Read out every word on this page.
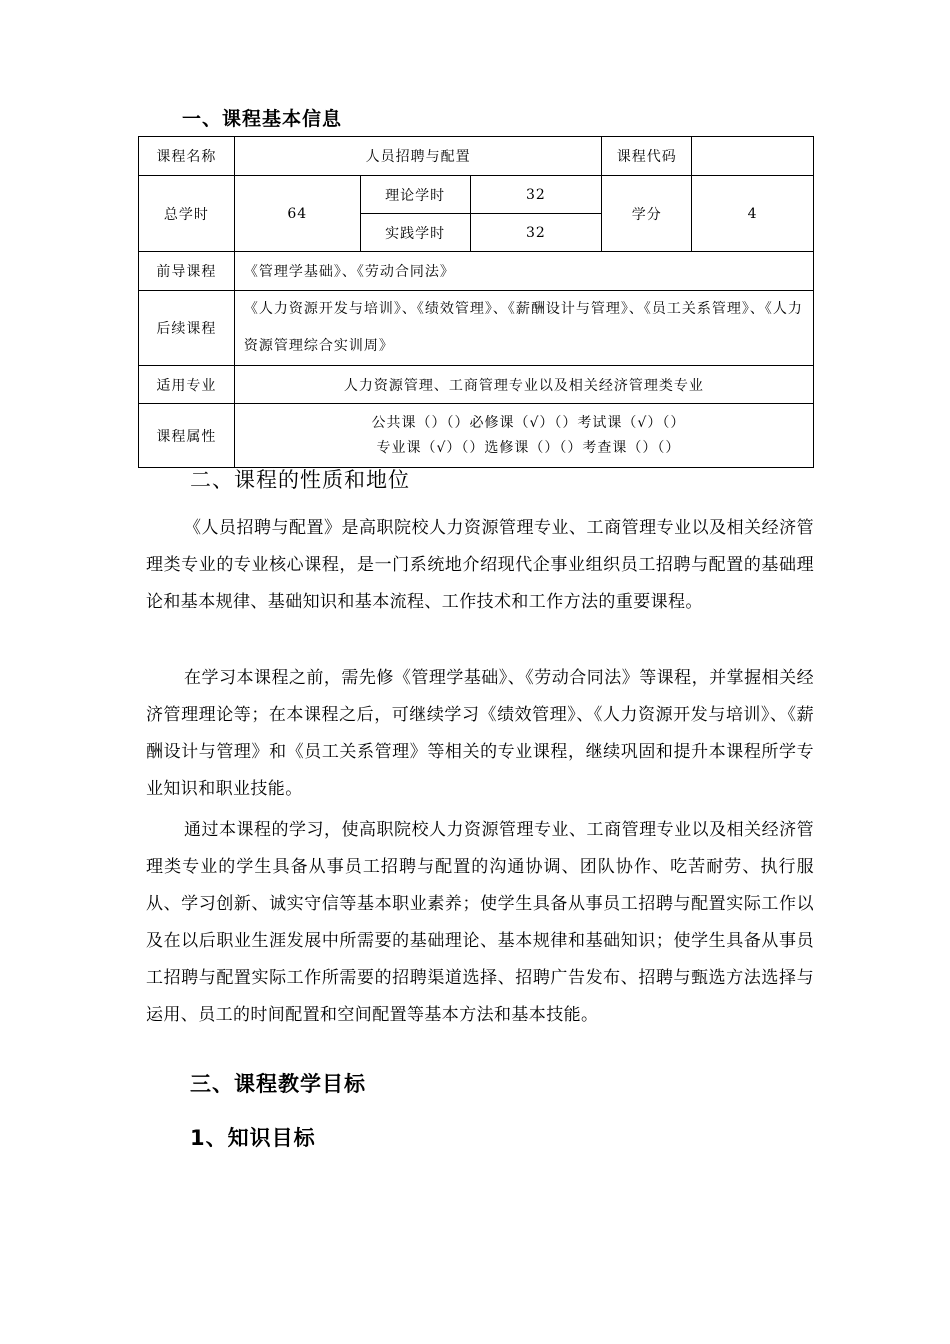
一、课程基本信息
课程名称	人员招聘与配置			课程代码	
总学时	64	理论学时	32	学分	4
		实践学时	32		
前导课程	《管理学基础》、《劳动合同法》				
后续课程	《人力资源开发与培训》、《绩效管理》、《薪酬设计与管理》、《员工关系管理》、《人力资源管理综合实训周》				
适用专业	人力资源管理、工商管理专业以及相关经济管理类专业				
课程属性	公共课（）（）必修课（√）（）考试课（√）（）
专业课（√）（）选修课（）（）考查课（）（）				
二、课程的性质和地位
《人员招聘与配置》是高职院校人力资源管理专业、工商管理专业以及相关经济管理类专业的专业核心课程，是一门系统地介绍现代企事业组织员工招聘与配置的基础理论和基本规律、基础知识和基本流程、工作技术和工作方法的重要课程。
在学习本课程之前，需先修《管理学基础》、《劳动合同法》等课程，并掌握相关经济管理理论等；在本课程之后，可继续学习《绩效管理》、《人力资源开发与培训》、《薪酬设计与管理》和《员工关系管理》等相关的专业课程，继续巩固和提升本课程所学专业知识和职业技能。
通过本课程的学习，使高职院校人力资源管理专业、工商管理专业以及相关经济管理类专业的学生具备从事员工招聘与配置的沟通协调、团队协作、吃苦耐劳、执行服从、学习创新、诚实守信等基本职业素养；使学生具备从事员工招聘与配置实际工作以及在以后职业生涯发展中所需要的基础理论、基本规律和基础知识；使学生具备从事员工招聘与配置实际工作所需要的招聘渠道选择、招聘广告发布、招聘与甄选方法选择与运用、员工的时间配置和空间配置等基本方法和基本技能。
三、课程教学目标
1、知识目标
